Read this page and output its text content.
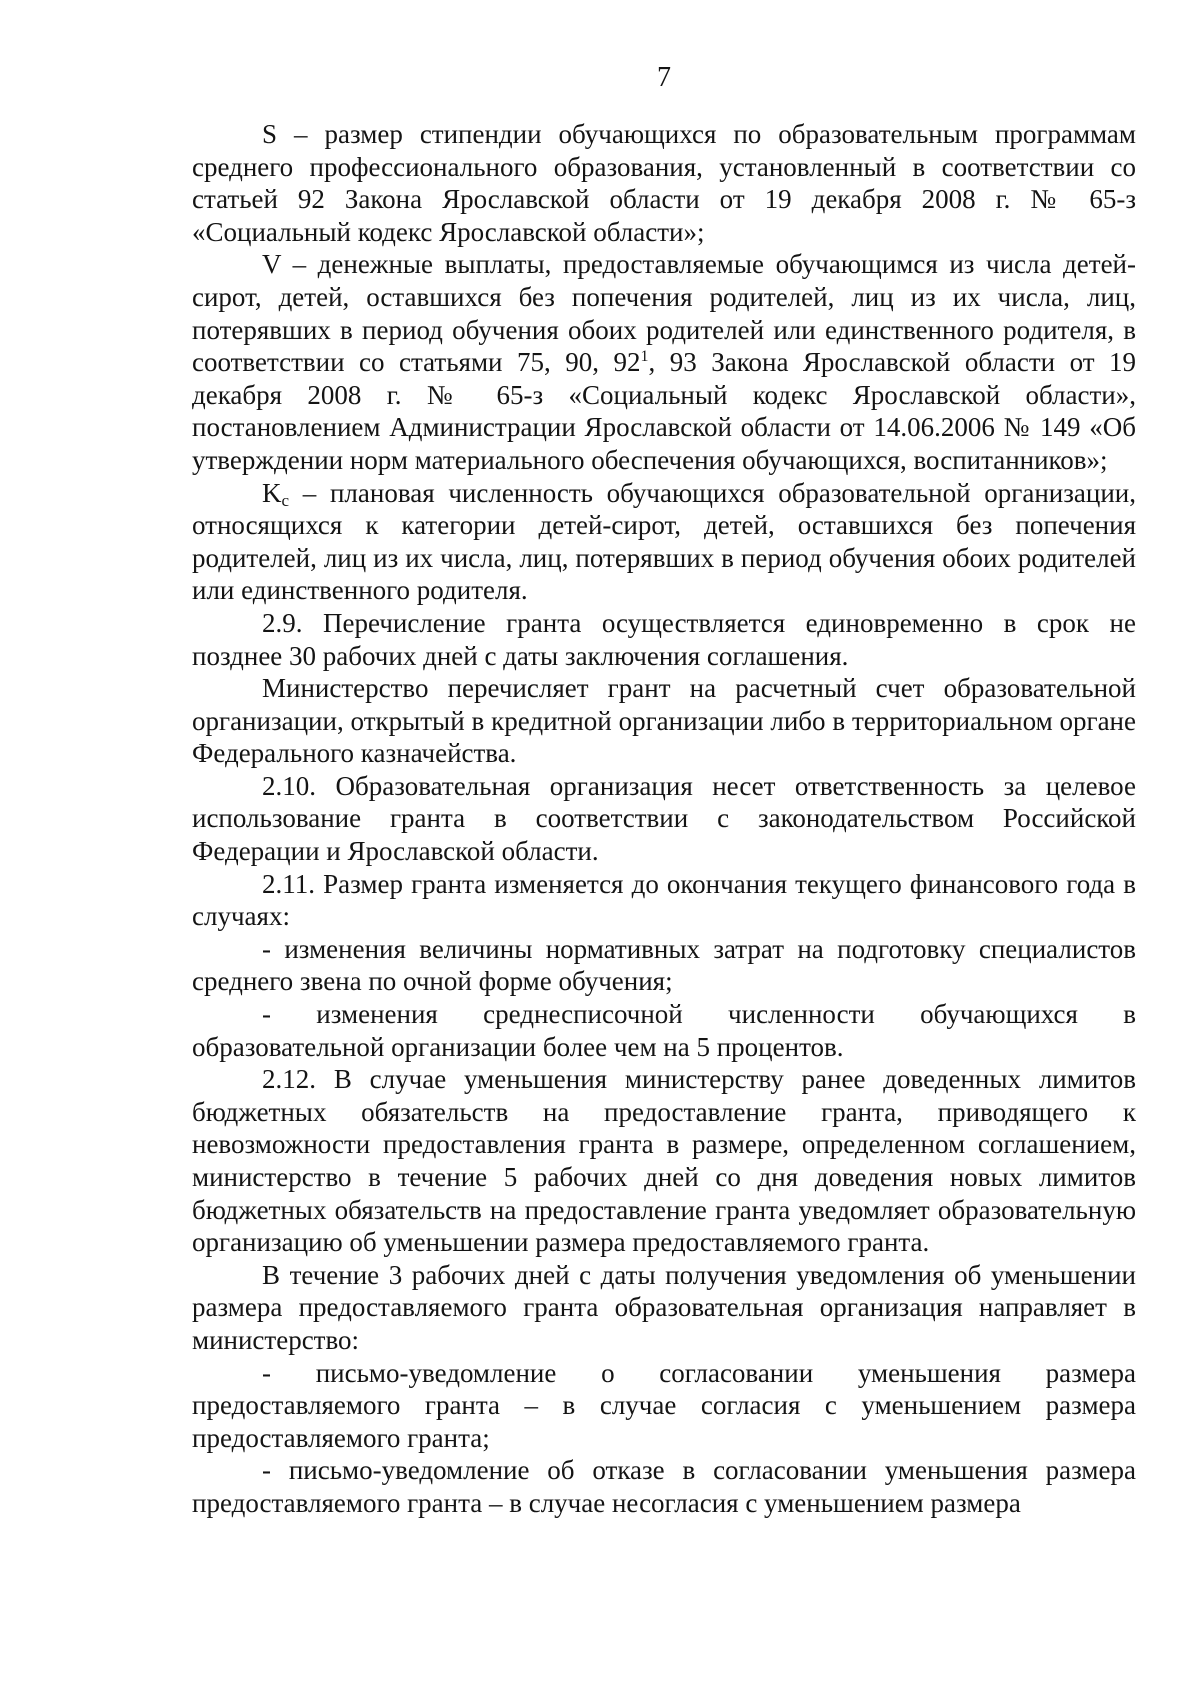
7

S – размер стипендии обучающихся по образовательным программам среднего профессионального образования, установленный в соответствии со статьей 92 Закона Ярославской области от 19 декабря 2008 г. № 65-з «Социальный кодекс Ярославской области»;

V – денежные выплаты, предоставляемые обучающимся из числа детей-сирот, детей, оставшихся без попечения родителей, лиц из их числа, лиц, потерявших в период обучения обоих родителей или единственного родителя, в соответствии со статьями 75, 90, $92^1$, 93 Закона Ярославской области от 19 декабря 2008 г. № 65-з «Социальный кодекс Ярославской области», постановлением Администрации Ярославской области от 14.06.2006 № 149 «Об утверждении норм материального обеспечения обучающихся, воспитанников»;

$K_с$ – плановая численность обучающихся образовательной организации, относящихся к категории детей-сирот, детей, оставшихся без попечения родителей, лиц из их числа, лиц, потерявших в период обучения обоих родителей или единственного родителя.

2.9. Перечисление гранта осуществляется единовременно в срок не позднее 30 рабочих дней с даты заключения соглашения.

Министерство перечисляет грант на расчетный счет образовательной организации, открытый в кредитной организации либо в территориальном органе Федерального казначейства.

2.10. Образовательная организация несет ответственность за целевое использование гранта в соответствии с законодательством Российской Федерации и Ярославской области.

2.11. Размер гранта изменяется до окончания текущего финансового года в случаях:

- изменения величины нормативных затрат на подготовку специалистов среднего звена по очной форме обучения;

- изменения среднесписочной численности обучающихся в образовательной организации более чем на 5 процентов.

2.12. В случае уменьшения министерству ранее доведенных лимитов бюджетных обязательств на предоставление гранта, приводящего к невозможности предоставления гранта в размере, определенном соглашением, министерство в течение 5 рабочих дней со дня доведения новых лимитов бюджетных обязательств на предоставление гранта уведомляет образовательную организацию об уменьшении размера предоставляемого гранта.

В течение 3 рабочих дней с даты получения уведомления об уменьшении размера предоставляемого гранта образовательная организация направляет в министерство:

- письмо-уведомление о согласовании уменьшения размера предоставляемого гранта – в случае согласия с уменьшением размера предоставляемого гранта;

- письмо-уведомление об отказе в согласовании уменьшения размера предоставляемого гранта – в случае несогласия с уменьшением размера
